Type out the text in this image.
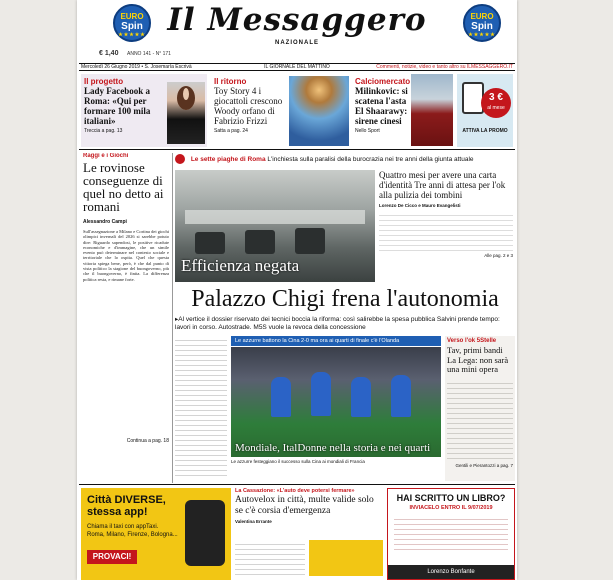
EURO
Spin
★★★★★
EURO
Spin
★★★★★
Il Messaggero
NAZIONALE
€ 1,40 ANNO 141 - N° 171
Mercoledì 26 Giugno 2019 • S. Josemaría Escrivà	IL GIORNALE DEL MATTINO	Commenti, notizie, video e tanto altro su ILMESSAGGERO.IT
Il progetto
Lady Facebook a Roma: «Qui per formare 100 mila italiani»
Treccia a pag. 13
Il ritorno
Toy Story 4 i giocattoli crescono Woody orfano di Fabrizio Frizzi
Satta a pag. 24
Calciomercato
Milinkovic: si scatena l'asta El Shaarawy: sirene cinesi
Nello Sport
3 €
al mese
ATTIVA LA PROMO
Raggi e i Giochi
Le rovinose conseguenze di quel no detto ai romani
Alessandro Campi
Sull'assegnazione a Milano e Cortina dei giochi olimpici invernali del 2026 si sarebbe potuto dire: Riguardo sapendosi, le positive ricadute economiche e d'immagine, che un simile evento può determinare nel contesto sociale e territoriale che lo ospita. Quel che questa vittoria spiega bene, però, è che dal punto di vista politico la stagione del buongoverno, più che il buongoverno, è finita. La differenza politica resta, e rimane forte.
Continua a pag. 18
Le sette piaghe di Roma L'inchiesta sulla paralisi della burocrazia nei tre anni della giunta attuale
Efficienza negata
Quattro mesi per avere una carta d'identità Tre anni di attesa per l'ok alla pulizia dei tombini
Lorenzo De Cicco e Mauro Evangelisti
Alle pag. 2 e 3
Palazzo Chigi frena l'autonomia
▸Al vertice il dossier riservato dei tecnici boccia la riforma: così salirebbe la spesa pubblica Salvini prende tempo: lavori in corso. Autostrade. M5S vuole la revoca della concessione
Le azzurre battono la Cina 2-0 ma ora ai quarti di finale c'è l'Olanda
Mondiale, ItalDonne nella storia e nei quarti
Le azzurre festeggiano il successo sulla Cina ai mondiali di Francia
Verso l'ok 5Stelle
Tav, primi bandi La Lega: non sarà una mini opera
Gentili e Pierantozzi a pag. 7
Città DIVERSE,
stessa app!
Chiama il taxi con appTaxi.
Roma, Milano, Firenze, Bologna...
PROVACI!
La Cassazione: «L'auto deve potersi fermare»
Autovelox in città, multe valide solo se c'è corsia d'emergenza
Valentina Errante
HAI SCRITTO UN LIBRO?
INVIACELO ENTRO IL 9/07/2019
Lorenzo Bonfante
